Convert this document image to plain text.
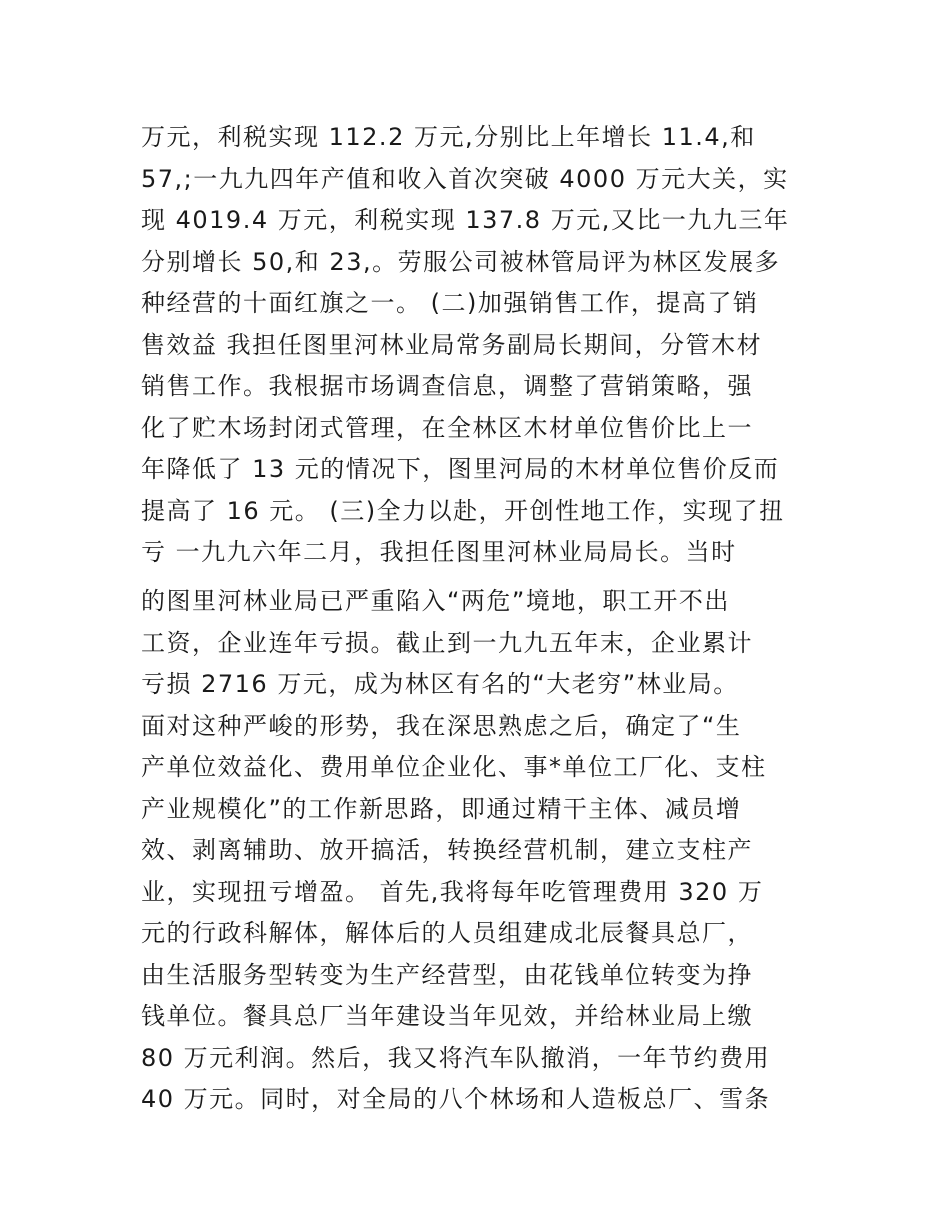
万元，利税实现 112.2 万元,分别比上年增长 11.4,和
57,;一九九四年产值和收入首次突破 4000 万元大关，实
现 4019.4 万元，利税实现 137.8 万元,又比一九九三年
分别增长 50,和 23,。劳服公司被林管局评为林区发展多
种经营的十面红旗之一。 (二)加强销售工作，提高了销
售效益 我担任图里河林业局常务副局长期间，分管木材
销售工作。我根据市场调查信息，调整了营销策略，强
化了贮木场封闭式管理，在全林区木材单位售价比上一
年降低了 13 元的情况下，图里河局的木材单位售价反而
提高了 16 元。 (三)全力以赴，开创性地工作，实现了扭
亏 一九九六年二月，我担任图里河林业局局长。当时
的图里河林业局已严重陷入“两危”境地，职工开不出
工资，企业连年亏损。截止到一九九五年末，企业累计
亏损 2716 万元，成为林区有名的“大老穷”林业局。
面对这种严峻的形势，我在深思熟虑之后，确定了“生
产单位效益化、费用单位企业化、事*单位工厂化、支柱
产业规模化”的工作新思路，即通过精干主体、减员增
效、剥离辅助、放开搞活，转换经营机制，建立支柱产
业，实现扭亏增盈。 首先,我将每年吃管理费用 320 万
元的行政科解体，解体后的人员组建成北辰餐具总厂，
由生活服务型转变为生产经营型，由花钱单位转变为挣
钱单位。餐具总厂当年建设当年见效，并给林业局上缴
80 万元利润。然后，我又将汽车队撤消，一年节约费用
40 万元。同时，对全局的八个林场和人造板总厂、雪条
